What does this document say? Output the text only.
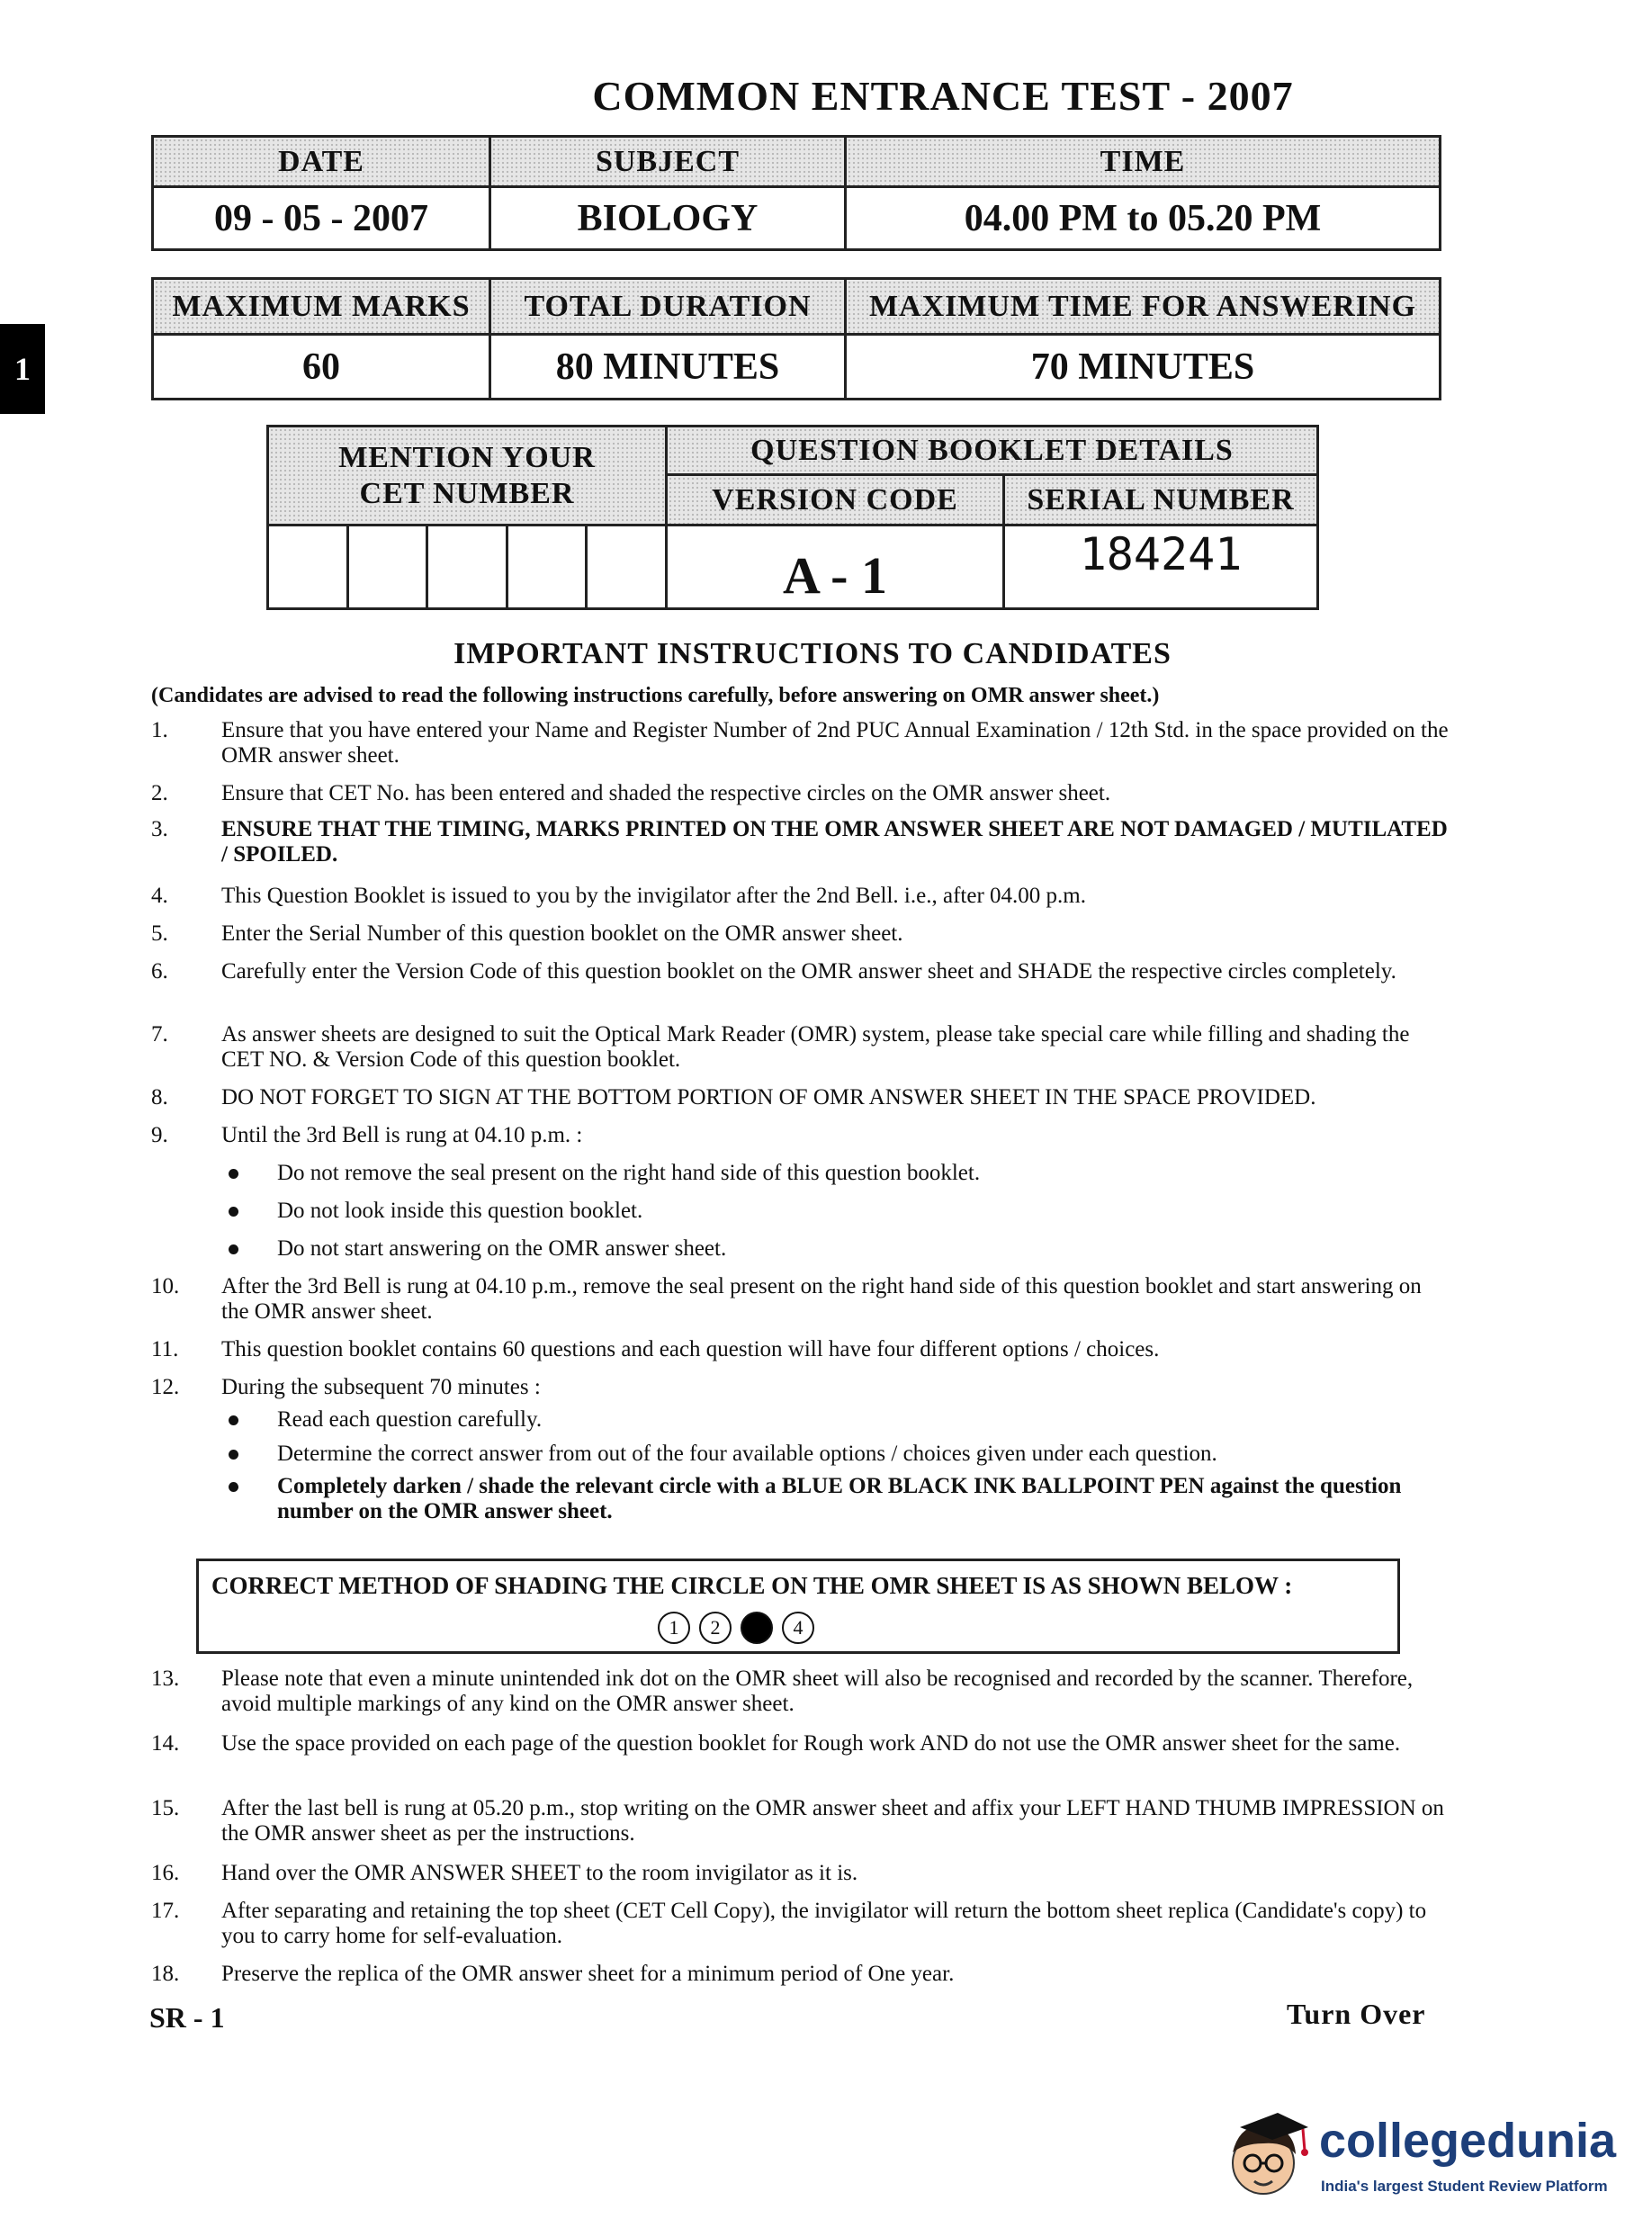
COMMON ENTRANCE TEST - 2007
1
DATE	SUBJECT	TIME
09 - 05 - 2007	BIOLOGY	04.00 PM to 05.20 PM
MAXIMUM MARKS	TOTAL DURATION	MAXIMUM TIME FOR ANSWERING
60	80 MINUTES	70 MINUTES
MENTION YOUR
CET NUMBER					QUESTION BOOKLET DETAILS	
					VERSION CODE	SERIAL NUMBER
					A - 1	184241
IMPORTANT INSTRUCTIONS TO CANDIDATES
(Candidates are advised to read the following instructions carefully, before answering on OMR answer sheet.)
1.	Ensure that you have entered your Name and Register Number of 2nd PUC Annual Examination / 12th Std. in the space provided on the OMR answer sheet.
2.	Ensure that CET No. has been entered and shaded the respective circles on the OMR answer sheet.
3.	ENSURE THAT THE TIMING, MARKS PRINTED ON THE OMR ANSWER SHEET ARE NOT DAMAGED / MUTILATED / SPOILED.
4.	This Question Booklet is issued to you by the invigilator after the 2nd Bell. i.e., after 04.00 p.m.
5.	Enter the Serial Number of this question booklet on the OMR answer sheet.
6.	Carefully enter the Version Code of this question booklet on the OMR answer sheet and SHADE the respective circles completely.
7.	As answer sheets are designed to suit the Optical Mark Reader (OMR) system, please take special care while filling and shading the CET NO. & Version Code of this question booklet.
8.	DO NOT FORGET TO SIGN AT THE BOTTOM PORTION OF OMR ANSWER SHEET IN THE SPACE PROVIDED.
9.	Until the 3rd Bell is rung at 04.10 p.m. :
Do not remove the seal present on the right hand side of this question booklet.
Do not look inside this question booklet.
Do not start answering on the OMR answer sheet.
10.	After the 3rd Bell is rung at 04.10 p.m., remove the seal present on the right hand side of this question booklet and start answering on the OMR answer sheet.
11.	This question booklet contains 60 questions and each question will have four different options / choices.
12.	During the subsequent 70 minutes :
Read each question carefully.
Determine the correct answer from out of the four available options / choices given under each question.
Completely darken / shade the relevant circle with a BLUE OR BLACK INK BALLPOINT PEN against the question number on the OMR answer sheet.
CORRECT METHOD OF SHADING THE CIRCLE ON THE OMR SHEET IS AS SHOWN BELOW :
1	2	4
13.	Please note that even a minute unintended ink dot on the OMR sheet will also be recognised and recorded by the scanner. Therefore, avoid multiple markings of any kind on the OMR answer sheet.
14.	Use the space provided on each page of the question booklet for Rough work AND do not use the OMR answer sheet for the same.
15.	After the last bell is rung at 05.20 p.m., stop writing on the OMR answer sheet and affix your LEFT HAND THUMB IMPRESSION on the OMR answer sheet as per the instructions.
16.	Hand over the OMR ANSWER SHEET to the room invigilator as it is.
17.	After separating and retaining the top sheet (CET Cell Copy), the invigilator will return the bottom sheet replica (Candidate's copy) to you to carry home for self-evaluation.
18.	Preserve the replica of the OMR answer sheet for a minimum period of One year.
SR - 1	Turn Over
collegedunia
India's largest Student Review Platform
